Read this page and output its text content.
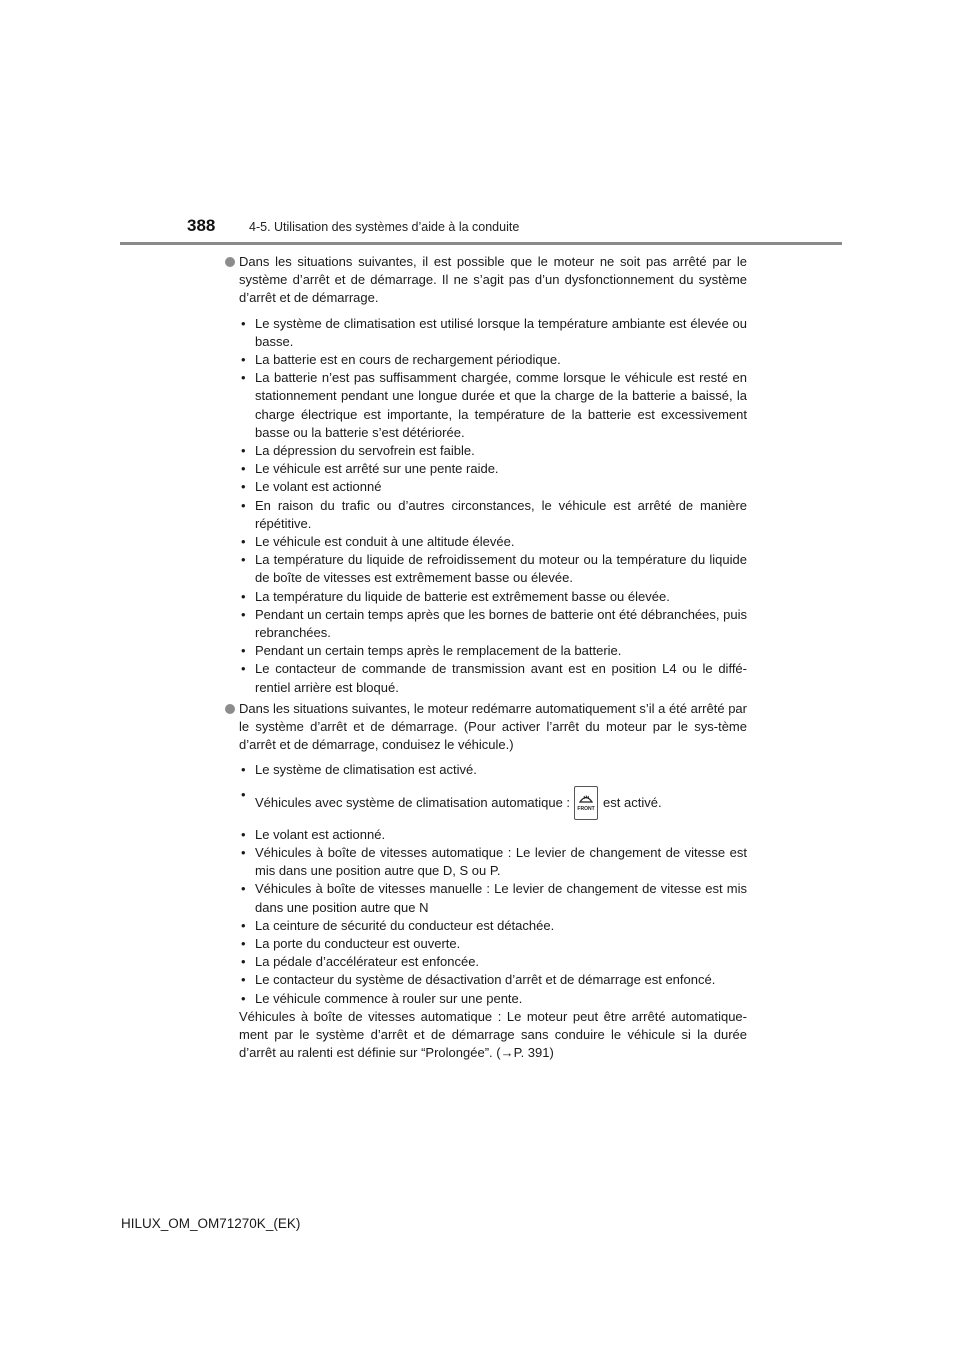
388	4-5. Utilisation des systèmes d’aide à la conduite
Dans les situations suivantes, il est possible que le moteur ne soit pas arrêté par le système d’arrêt et de démarrage. Il ne s’agit pas d’un dysfonctionnement du système d’arrêt et de démarrage.
• Le système de climatisation est utilisé lorsque la température ambiante est élevée ou basse.
• La batterie est en cours de rechargement périodique.
• La batterie n’est pas suffisamment chargée, comme lorsque le véhicule est resté en stationnement pendant une longue durée et que la charge de la batterie a baissé, la charge électrique est importante, la température de la batterie est excessivement basse ou la batterie s’est détériorée.
• La dépression du servofrein est faible.
• Le véhicule est arrêté sur une pente raide.
• Le volant est actionné
• En raison du trafic ou d’autres circonstances, le véhicule est arrêté de manière répétitive.
• Le véhicule est conduit à une altitude élevée.
• La température du liquide de refroidissement du moteur ou la température du liquide de boîte de vitesses est extrêmement basse ou élevée.
• La température du liquide de batterie est extrêmement basse ou élevée.
• Pendant un certain temps après que les bornes de batterie ont été débranchées, puis rebranchées.
• Pendant un certain temps après le remplacement de la batterie.
• Le contacteur de commande de transmission avant est en position L4 ou le diffé-rentiel arrière est bloqué.
Dans les situations suivantes, le moteur redémarre automatiquement s’il a été arrêté par le système d’arrêt et de démarrage. (Pour activer l’arrêt du moteur par le sys-tème d’arrêt et de démarrage, conduisez le véhicule.)
• Le système de climatisation est activé.
•
Véhicules avec système de climatisation automatique :	FRONT est activé.
• Le volant est actionné.
• Véhicules à boîte de vitesses automatique : Le levier de changement de vitesse est mis dans une position autre que D, S ou P.
• Véhicules à boîte de vitesses manuelle : Le levier de changement de vitesse est mis dans une position autre que N
• La ceinture de sécurité du conducteur est détachée.
• La porte du conducteur est ouverte.
• La pédale d’accélérateur est enfoncée.
• Le contacteur du système de désactivation d’arrêt et de démarrage est enfoncé.
• Le véhicule commence à rouler sur une pente.
Véhicules à boîte de vitesses automatique : Le moteur peut être arrêté automatique-ment par le système d’arrêt et de démarrage sans conduire le véhicule si la durée d’arrêt au ralenti est définie sur “Prolongée”. (→P. 391)
HILUX_OM_OM71270K_(EK)
